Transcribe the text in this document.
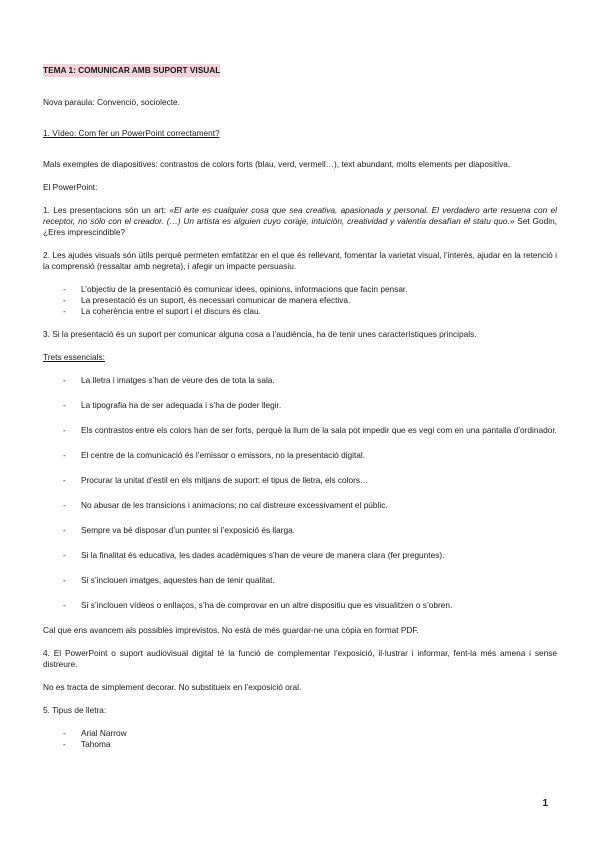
TEMA 1: COMUNICAR AMB SUPORT VISUAL

Nova paraula: Convenció, sociolecte.

1. Vídeo: Com fer un PowerPoint correctament?

Mals exemples de diapositives: contrastos de colors forts (blau, verd, vermell…), text abundant, molts elements per diapositiva.

El PowerPoint:

1. Les presentacions són un art: «El arte es cualquier cosa que sea creativa, apasionada y personal. El verdadero arte resuena con el receptor, no sólo con el creador. (…) Un artista es alguien cuyo coraje, intuición, creatividad y valentía desafían el statu quo.» Set Godin, ¿Eres imprescindible?

2. Les ajudes visuals són útils perquè permeten emfatitzar en el que és rellevant, fomentar la varietat visual, l’interès, ajudar en la retenció i la comprensió (ressaltar amb negreta), i afegir un impacte persuasiu.

- L’objectiu de la presentació és comunicar idees, opinions, informacions que facin pensar.
- La presentació és un suport, és necessari comunicar de manera efectiva.
- La coherència entre el suport i el discurs és clau.

3. Si la presentació és un suport per comunicar alguna cosa a l’audiència, ha de tenir unes característiques principals.

Trets essencials:

- La lletra i imatges s’han de veure des de tota la sala.
- La tipografia ha de ser adequada i s’ha de poder llegir.
- Els contrastos entre els colors han de ser forts, perquè la llum de la sala pot impedir que es vegi com en una pantalla d’ordinador.
- El centre de la comunicació és l’emissor o emissors, no la presentació digital.
- Procurar la unitat d’estil en els mitjans de suport: el tipus de lletra, els colors…
- No abusar de les transicions i animacions; no cal distreure excessivament el públic.
- Sempre va bé disposar d’un punter si l’exposició és llarga.
- Si la finalitat és educativa, les dades acadèmiques s’han de veure de manera clara (fer preguntes).
- Si s’inclouen imatges, aquestes han de tenir qualitat.
- Si s’inclouen vídeos o enllaços, s’ha de comprovar en un altre dispositiu que es visualitzen o s’obren.

Cal que ens avancem als possibles imprevistos. No està de més guardar-ne una còpia en format PDF.

4. El PowerPoint o suport audiovisual digital té la funció de complementar l’exposició, il·lustrar i informar, fent-la més amena i sense distreure.

No es tracta de simplement decorar. No substitueix en l’exposició oral.

5. Tipus de lletra:

- Arial Narrow
- Tahoma
1
